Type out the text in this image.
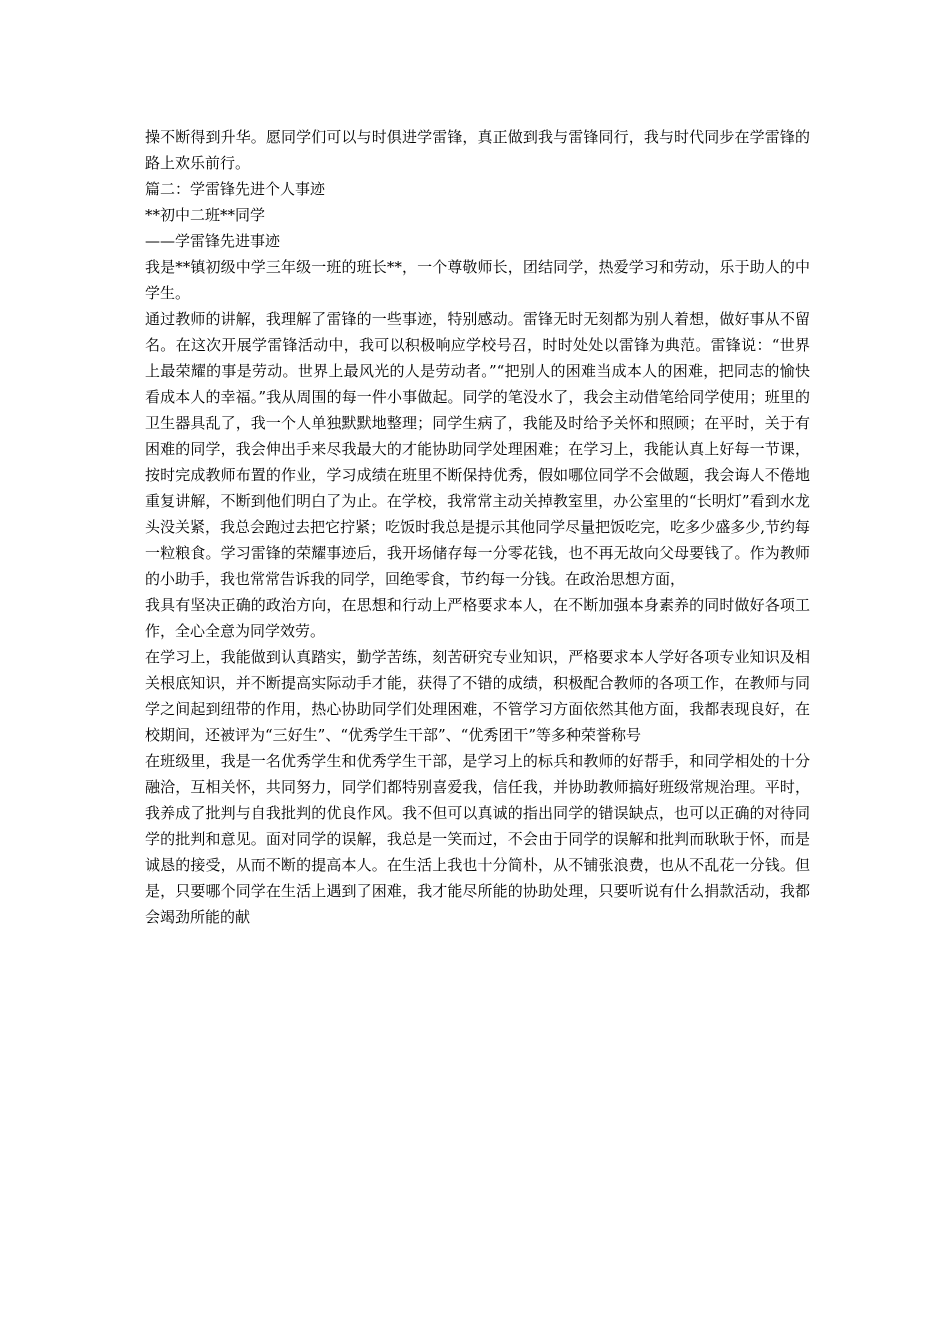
操不断得到升华。愿同学们可以与时俱进学雷锋，真正做到我与雷锋同行，我与时代同步在学雷锋的路上欢乐前行。

篇二：学雷锋先进个人事迹

**初中二班**同学

——学雷锋先进事迹

我是**镇初级中学三年级一班的班长**，一个尊敬师长，团结同学，热爱学习和劳动，乐于助人的中学生。

通过教师的讲解，我理解了雷锋的一些事迹，特别感动。雷锋无时无刻都为别人着想，做好事从不留名。在这次开展学雷锋活动中，我可以积极响应学校号召，时时处处以雷锋为典范。雷锋说：“世界上最荣耀的事是劳动。世界上最风光的人是劳动者。”“把别人的困难当成本人的困难，把同志的愉快看成本人的幸福。”我从周围的每一件小事做起。同学的笔没水了，我会主动借笔给同学使用；班里的卫生器具乱了，我一个人单独默默地整理；同学生病了，我能及时给予关怀和照顾；在平时，关于有困难的同学，我会伸出手来尽我最大的才能协助同学处理困难；在学习上，我能认真上好每一节课，按时完成教师布置的作业，学习成绩在班里不断保持优秀，假如哪位同学不会做题，我会诲人不倦地重复讲解，不断到他们明白了为止。在学校，我常常主动关掉教室里，办公室里的“长明灯”看到水龙头没关紧，我总会跑过去把它拧紧；吃饭时我总是提示其他同学尽量把饭吃完，吃多少盛多少,节约每一粒粮食。学习雷锋的荣耀事迹后，我开场储存每一分零花钱，也不再无故向父母要钱了。作为教师的小助手，我也常常告诉我的同学，回绝零食，节约每一分钱。在政治思想方面，

我具有坚决正确的政治方向，在思想和行动上严格要求本人，在不断加强本身素养的同时做好各项工作，全心全意为同学效劳。

在学习上，我能做到认真踏实，勤学苦练，刻苦研究专业知识，严格要求本人学好各项专业知识及相关根底知识，并不断提高实际动手才能，获得了不错的成绩，积极配合教师的各项工作，在教师与同学之间起到纽带的作用，热心协助同学们处理困难，不管学习方面依然其他方面，我都表现良好，在校期间，还被评为“三好生”、“优秀学生干部”、“优秀团干”等多种荣誉称号

在班级里，我是一名优秀学生和优秀学生干部，是学习上的标兵和教师的好帮手，和同学相处的十分融洽，互相关怀，共同努力，同学们都特别喜爱我，信任我，并协助教师搞好班级常规治理。平时，我养成了批判与自我批判的优良作风。我不但可以真诚的指出同学的错误缺点，也可以正确的对待同学的批判和意见。面对同学的误解，我总是一笑而过，不会由于同学的误解和批判而耿耿于怀，而是诚恳的接受，从而不断的提高本人。在生活上我也十分简朴，从不铺张浪费，也从不乱花一分钱。但是，只要哪个同学在生活上遇到了困难，我才能尽所能的协助处理，只要听说有什么捐款活动，我都会竭劲所能的献
